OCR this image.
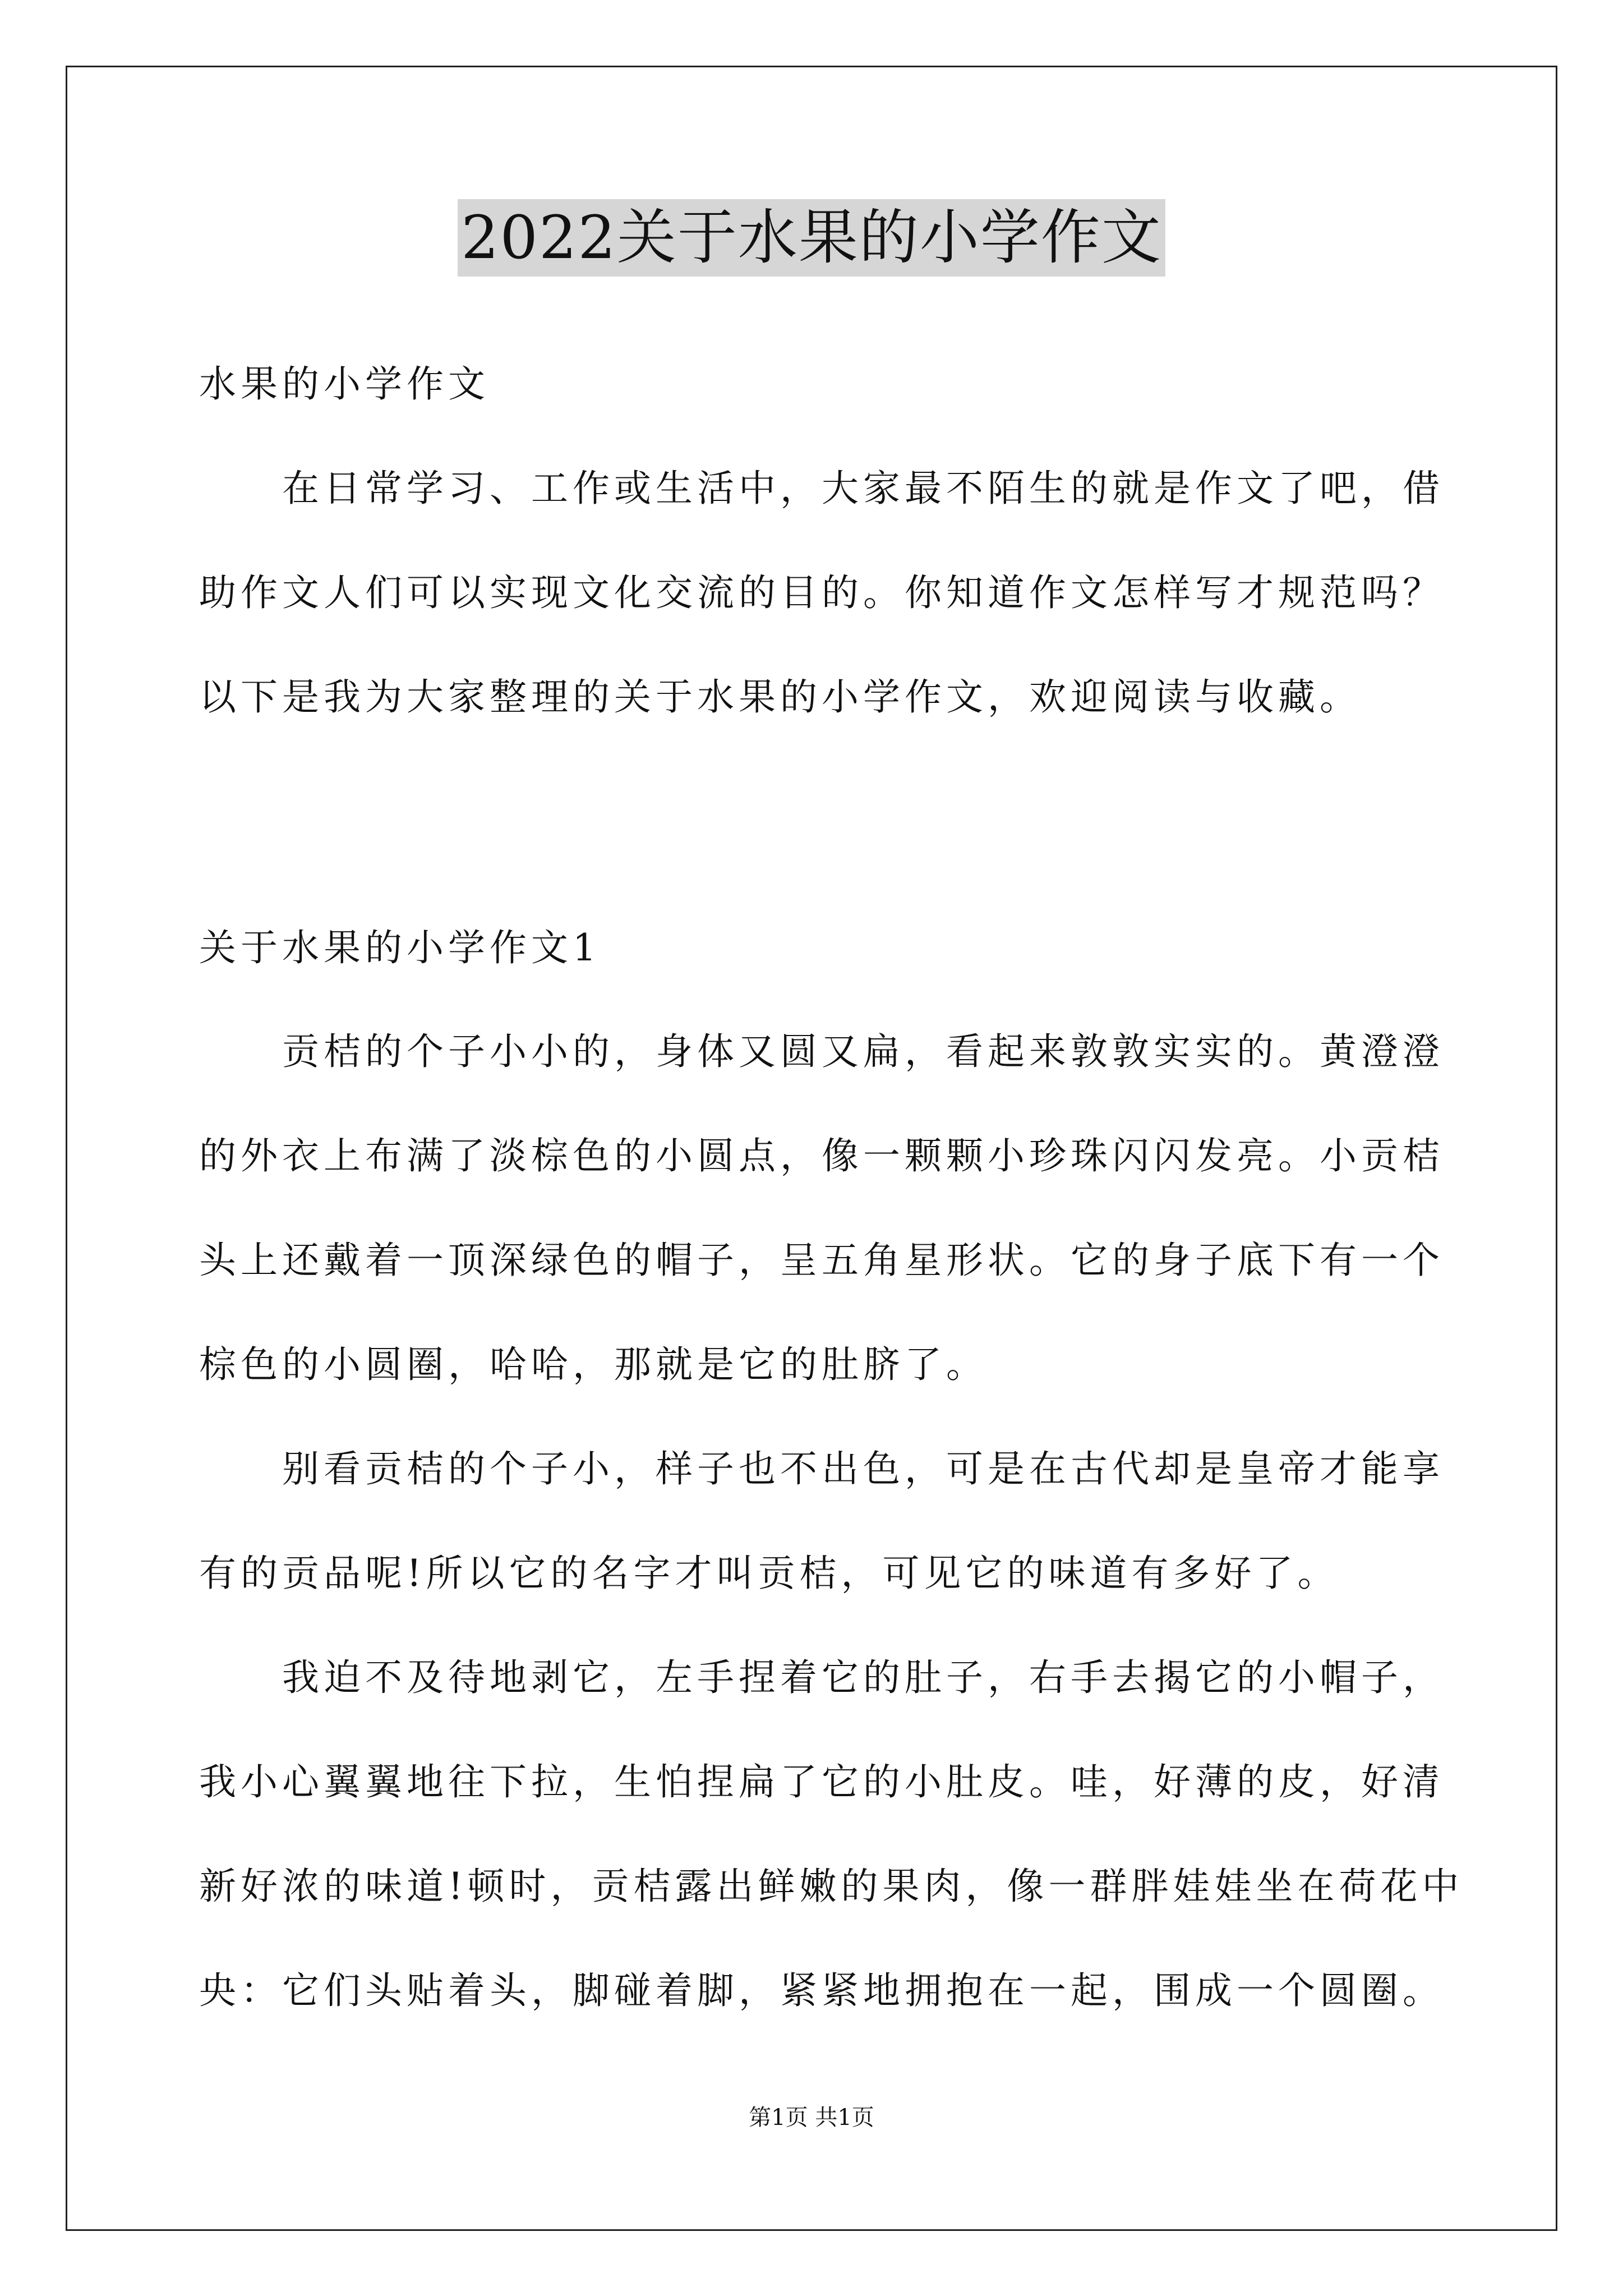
2022关于水果的小学作文
水果的小学作文
在日常学习、工作或生活中，大家最不陌生的就是作文了吧，借
助作文人们可以实现文化交流的目的。你知道作文怎样写才规范吗？
以下是我为大家整理的关于水果的小学作文，欢迎阅读与收藏。
关于水果的小学作文1
贡桔的个子小小的，身体又圆又扁，看起来敦敦实实的。黄澄澄
的外衣上布满了淡棕色的小圆点，像一颗颗小珍珠闪闪发亮。小贡桔
头上还戴着一顶深绿色的帽子，呈五角星形状。它的身子底下有一个
棕色的小圆圈，哈哈，那就是它的肚脐了。
别看贡桔的个子小，样子也不出色，可是在古代却是皇帝才能享
有的贡品呢!所以它的名字才叫贡桔，可见它的味道有多好了。
我迫不及待地剥它，左手捏着它的肚子，右手去揭它的小帽子，
我小心翼翼地往下拉，生怕捏扁了它的小肚皮。哇，好薄的皮，好清
新好浓的味道!顿时，贡桔露出鲜嫩的果肉，像一群胖娃娃坐在荷花中
央：它们头贴着头，脚碰着脚，紧紧地拥抱在一起，围成一个圆圈。
第1页 共1页
